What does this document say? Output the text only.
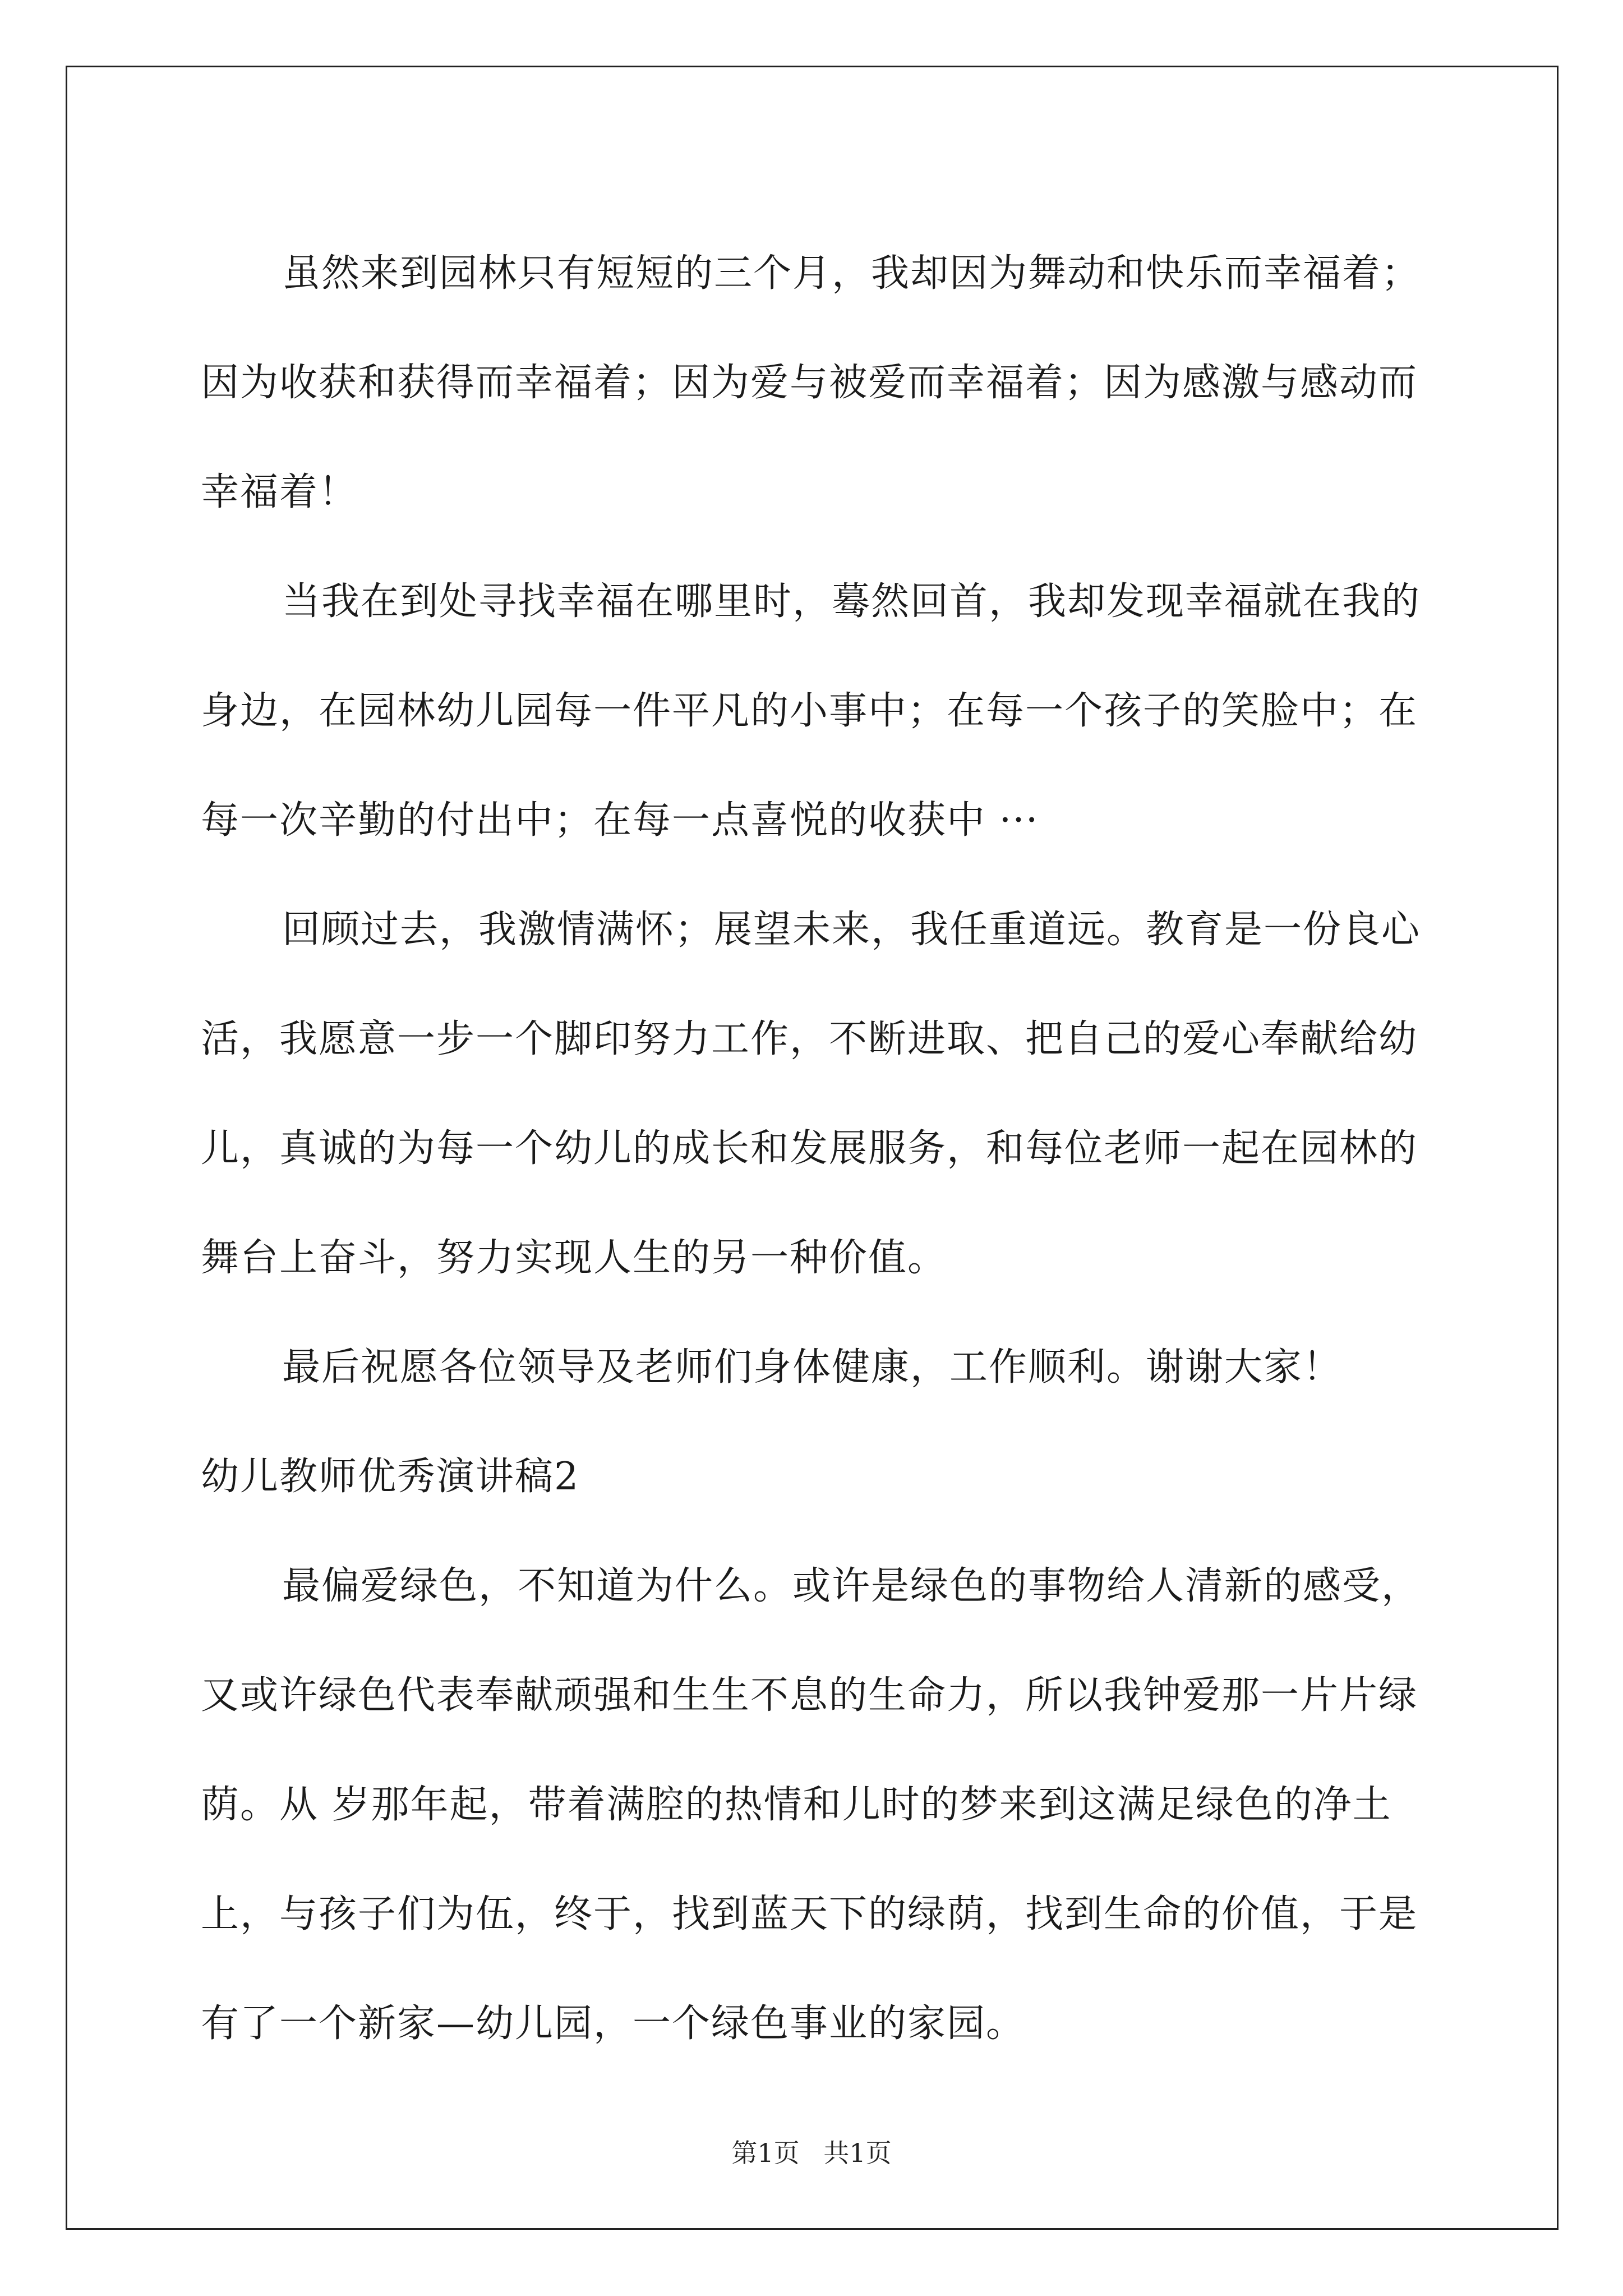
虽然来到园林只有短短的三个月，我却因为舞动和快乐而幸福着；因为收获和获得而幸福着；因为爱与被爱而幸福着；因为感激与感动而幸福着！

当我在到处寻找幸福在哪里时，蓦然回首，我却发现幸福就在我的身边，在园林幼儿园每一件平凡的小事中；在每一个孩子的笑脸中；在每一次辛勤的付出中；在每一点喜悦的收获中 ···

回顾过去，我激情满怀；展望未来，我任重道远。教育是一份良心活，我愿意一步一个脚印努力工作，不断进取、把自己的爱心奉献给幼儿，真诚的为每一个幼儿的成长和发展服务，和每位老师一起在园林的舞台上奋斗，努力实现人生的另一种价值。

最后祝愿各位领导及老师们身体健康，工作顺利。谢谢大家！

幼儿教师优秀演讲稿2

最偏爱绿色，不知道为什么。或许是绿色的事物给人清新的感受，又或许绿色代表奉献顽强和生生不息的生命力，所以我钟爱那一片片绿荫。从 岁那年起，带着满腔的热情和儿时的梦来到这满足绿色的净土上，与孩子们为伍，终于，找到蓝天下的绿荫，找到生命的价值，于是有了一个新家—幼儿园，一个绿色事业的家园。

第1页 共1页
